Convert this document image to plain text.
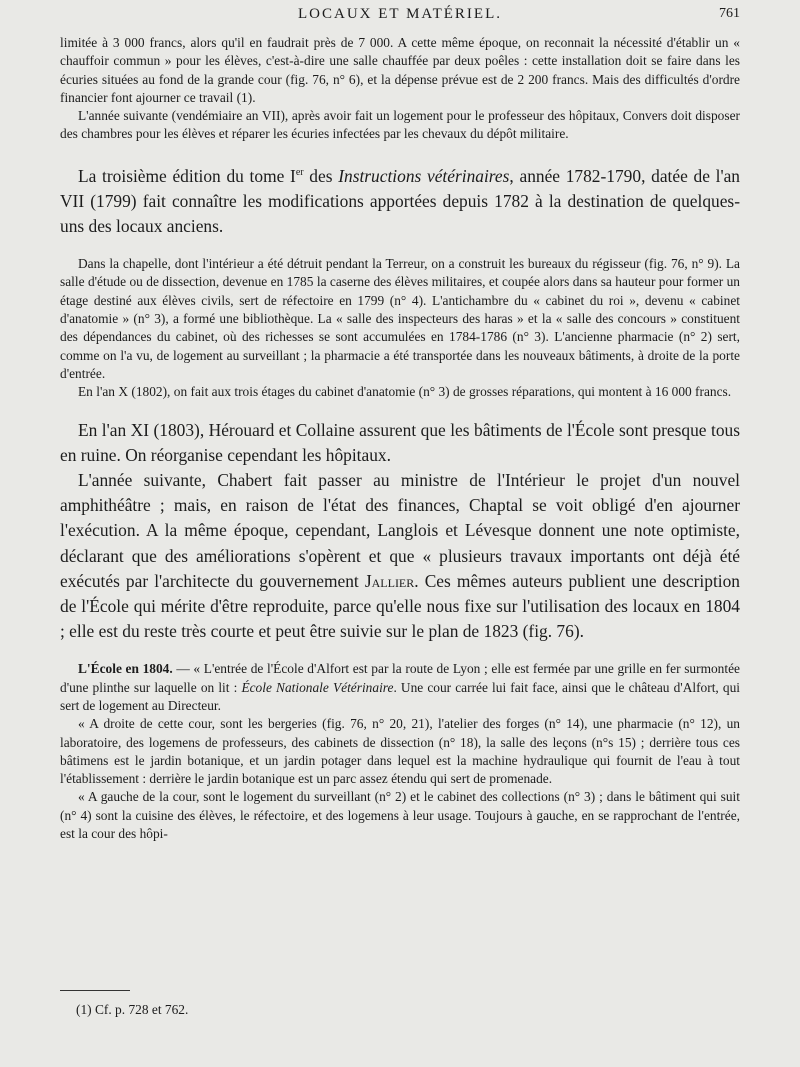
LOCAUX ET MATÉRIEL.	761

limitée à 3 000 francs, alors qu'il en faudrait près de 7 000. A cette même époque, on reconnait la nécessité d'établir un « chauffoir commun » pour les élèves, c'est-à-dire une salle chauffée par deux poêles : cette installation doit se faire dans les écuries situées au fond de la grande cour (fig. 76, n° 6), et la dépense prévue est de 2 200 francs. Mais des difficultés d'ordre financier font ajourner ce travail (1).

L'année suivante (vendémiaire an VII), après avoir fait un logement pour le professeur des hôpitaux, Convers doit disposer des chambres pour les élèves et réparer les écuries infectées par les chevaux du dépôt militaire.

La troisième édition du tome Ier des Instructions vétérinaires, année 1782-1790, datée de l'an VII (1799) fait connaître les modifications apportées depuis 1782 à la destination de quelques-uns des locaux anciens.

Dans la chapelle, dont l'intérieur a été détruit pendant la Terreur, on a construit les bureaux du régisseur (fig. 76, n° 9). La salle d'étude ou de dissection, devenue en 1785 la caserne des élèves militaires, et coupée alors dans sa hauteur pour former un étage destiné aux élèves civils, sert de réfectoire en 1799 (n° 4). L'antichambre du « cabinet du roi », devenu « cabinet d'anatomie » (n° 3), a formé une bibliothèque. La « salle des inspecteurs des haras » et la « salle des concours » constituent des dépendances du cabinet, où des richesses se sont accumulées en 1784-1786 (n° 3). L'ancienne pharmacie (n° 2) sert, comme on l'a vu, de logement au surveillant ; la pharmacie a été transportée dans les nouveaux bâtiments, à droite de la porte d'entrée.

En l'an X (1802), on fait aux trois étages du cabinet d'anatomie (n° 3) de grosses réparations, qui montent à 16 000 francs.

En l'an XI (1803), Hérouard et Collaine assurent que les bâtiments de l'École sont presque tous en ruine. On réorganise cependant les hôpitaux.

L'année suivante, Chabert fait passer au ministre de l'Intérieur le projet d'un nouvel amphithéâtre ; mais, en raison de l'état des finances, Chaptal se voit obligé d'en ajourner l'exécution. A la même époque, cependant, Langlois et Lévesque donnent une note optimiste, déclarant que des améliorations s'opèrent et que « plusieurs travaux importants ont déjà été exécutés par l'architecte du gouvernement Jallier. Ces mêmes auteurs publient une description de l'École qui mérite d'être reproduite, parce qu'elle nous fixe sur l'utilisation des locaux en 1804 ; elle est du reste très courte et peut être suivie sur le plan de 1823 (fig. 76).

L'École en 1804. — « L'entrée de l'École d'Alfort est par la route de Lyon ; elle est fermée par une grille en fer surmontée d'une plinthe sur laquelle on lit : École Nationale Vétérinaire. Une cour carrée lui fait face, ainsi que le château d'Alfort, qui sert de logement au Directeur.

« A droite de cette cour, sont les bergeries (fig. 76, n° 20, 21), l'atelier des forges (n° 14), une pharmacie (n° 12), un laboratoire, des logemens de professeurs, des cabinets de dissection (n° 18), la salle des leçons (n°s 15) ; derrière tous ces bâtimens est le jardin botanique, et un jardin potager dans lequel est la machine hydraulique qui fournit de l'eau à tout l'établissement : derrière le jardin botanique est un parc assez étendu qui sert de promenade.

« A gauche de la cour, sont le logement du surveillant (n° 2) et le cabinet des collections (n° 3) ; dans le bâtiment qui suit (n° 4) sont la cuisine des élèves, le réfectoire, et des logemens à leur usage. Toujours à gauche, en se rapprochant de l'entrée, est la cour des hôpi-

(1) Cf. p. 728 et 762.
